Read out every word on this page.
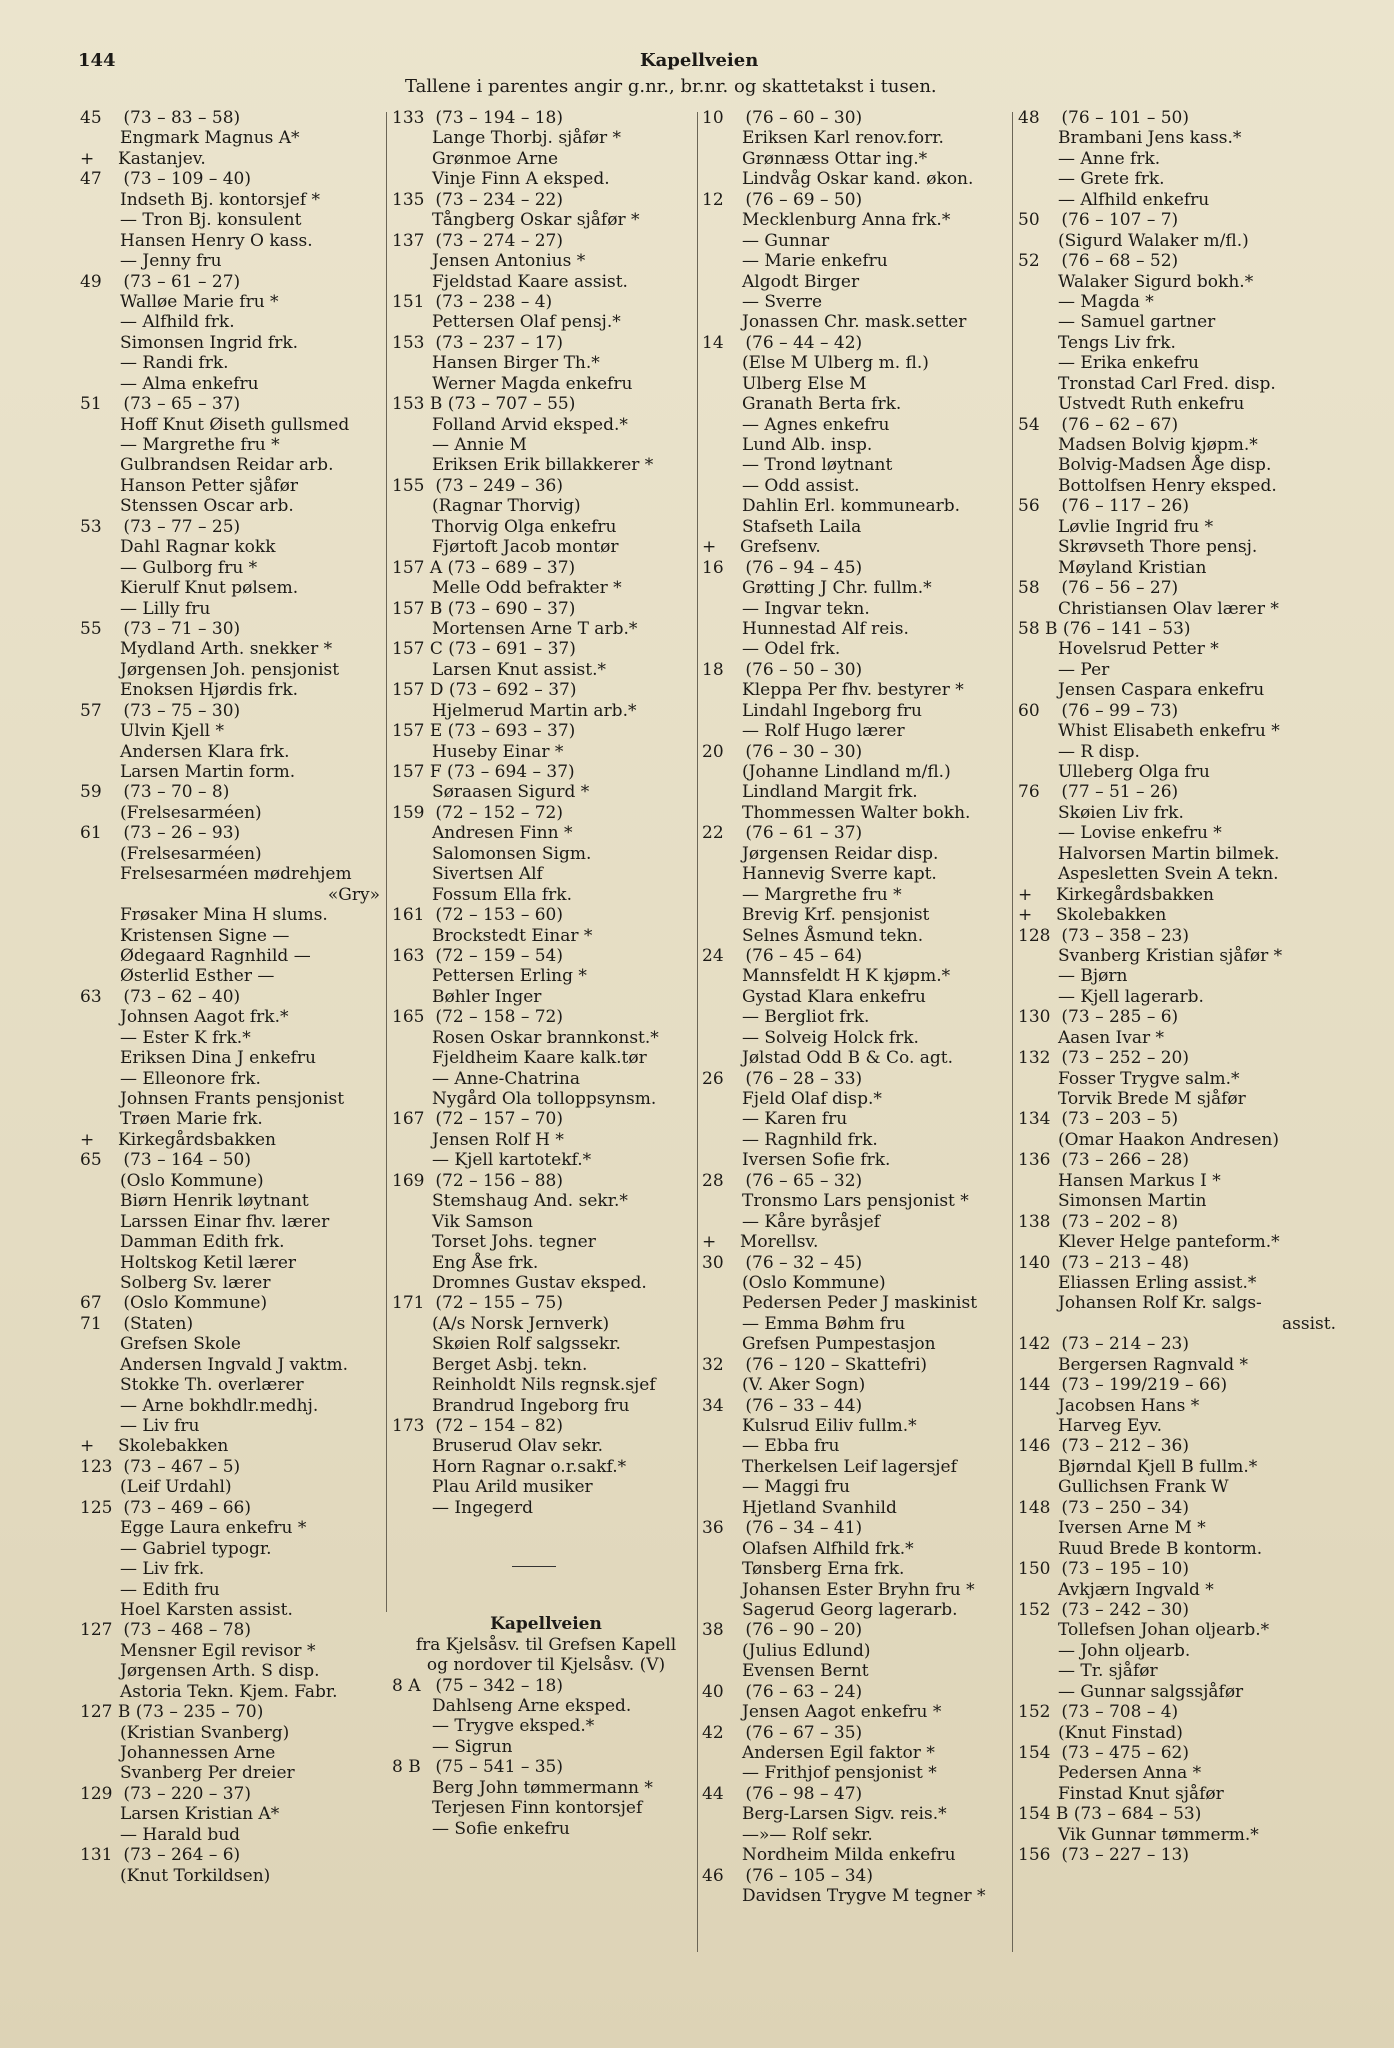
144	Kapellveien
Tallene i parentes angir g.nr., br.nr. og skattetakst i tusen.
45 (73 – 83 – 58)
Engmark Magnus A*
+ Kastanjev.
47 (73 – 109 – 40)
Indseth Bj. kontorsjef *
— Tron Bj. konsulent
Hansen Henry O kass.
— Jenny fru
49 (73 – 61 – 27)
Walløe Marie fru *
— Alfhild frk.
Simonsen Ingrid frk.
— Randi frk.
— Alma enkefru
51 (73 – 65 – 37)
Hoff Knut Øiseth gullsmed
— Margrethe fru *
Gulbrandsen Reidar arb.
Hanson Petter sjåfør
Stenssen Oscar arb.
53 (73 – 77 – 25)
Dahl Ragnar kokk
— Gulborg fru *
Kierulf Knut pølsem.
— Lilly fru
55 (73 – 71 – 30)
Mydland Arth. snekker *
Jørgensen Joh. pensjonist
Enoksen Hjørdis frk.
57 (73 – 75 – 30)
Ulvin Kjell *
Andersen Klara frk.
Larsen Martin form.
59 (73 – 70 – 8)
(Frelsesarméen)
61 (73 – 26 – 93)
(Frelsesarméen)
Frelsesarméen mødrehjem
«Gry»
Frøsaker Mina H slums.
Kristensen Signe —
Ødegaard Ragnhild —
Østerlid Esther —
63 (73 – 62 – 40)
Johnsen Aagot frk.*
— Ester K frk.*
Eriksen Dina J enkefru
— Elleonore frk.
Johnsen Frants pensjonist
Trøen Marie frk.
+ Kirkegårdsbakken
65 (73 – 164 – 50)
(Oslo Kommune)
Biørn Henrik løytnant
Larssen Einar fhv. lærer
Damman Edith frk.
Holtskog Ketil lærer
Solberg Sv. lærer
67 (Oslo Kommune)
71 (Staten)
Grefsen Skole
Andersen Ingvald J vaktm.
Stokke Th. overlærer
— Arne bokhdlr.medhj.
— Liv fru
+ Skolebakken
123 (73 – 467 – 5)
(Leif Urdahl)
125 (73 – 469 – 66)
Egge Laura enkefru *
— Gabriel typogr.
— Liv frk.
— Edith fru
Hoel Karsten assist.
127 (73 – 468 – 78)
Mensner Egil revisor *
Jørgensen Arth. S disp.
Astoria Tekn. Kjem. Fabr.
127 B (73 – 235 – 70)
(Kristian Svanberg)
Johannessen Arne
Svanberg Per dreier
129 (73 – 220 – 37)
Larsen Kristian A*
— Harald bud
131 (73 – 264 – 6)
(Knut Torkildsen)
133 (73 – 194 – 18)
Lange Thorbj. sjåfør *
Grønmoe Arne
Vinje Finn A eksped.
135 (73 – 234 – 22)
Tångberg Oskar sjåfør *
137 (73 – 274 – 27)
Jensen Antonius *
Fjeldstad Kaare assist.
151 (73 – 238 – 4)
Pettersen Olaf pensj.*
153 (73 – 237 – 17)
Hansen Birger Th.*
Werner Magda enkefru
153 B (73 – 707 – 55)
Folland Arvid eksped.*
— Annie M
Eriksen Erik billakkerer *
155 (73 – 249 – 36)
(Ragnar Thorvig)
Thorvig Olga enkefru
Fjørtoft Jacob montør
157 A (73 – 689 – 37)
Melle Odd befrakter *
157 B (73 – 690 – 37)
Mortensen Arne T arb.*
157 C (73 – 691 – 37)
Larsen Knut assist.*
157 D (73 – 692 – 37)
Hjelmerud Martin arb.*
157 E (73 – 693 – 37)
Huseby Einar *
157 F (73 – 694 – 37)
Søraasen Sigurd *
159 (72 – 152 – 72)
Andresen Finn *
Salomonsen Sigm.
Sivertsen Alf
Fossum Ella frk.
161 (72 – 153 – 60)
Brockstedt Einar *
163 (72 – 159 – 54)
Pettersen Erling *
Bøhler Inger
165 (72 – 158 – 72)
Rosen Oskar brannkonst.*
Fjeldheim Kaare kalk.tør
— Anne-Chatrina
Nygård Ola tolloppsynsm.
167 (72 – 157 – 70)
Jensen Rolf H *
— Kjell kartotekf.*
169 (72 – 156 – 88)
Stemshaug And. sekr.*
Vik Samson
Torset Johs. tegner
Eng Åse frk.
Dromnes Gustav eksped.
171 (72 – 155 – 75)
(A/s Norsk Jernverk)
Skøien Rolf salgssekr.
Berget Asbj. tekn.
Reinholdt Nils regnsk.sjef
Brandrud Ingeborg fru
173 (72 – 154 – 82)
Bruserud Olav sekr.
Horn Ragnar o.r.sakf.*
Plau Arild musiker
— Ingegerd
Kapellveien
fra Kjelsåsv. til Grefsen Kapell
og nordover til Kjelsåsv. (V)
8 A (75 – 342 – 18)
Dahlseng Arne eksped.
— Trygve eksped.*
— Sigrun
8 B (75 – 541 – 35)
Berg John tømmermann *
Terjesen Finn kontorsjef
— Sofie enkefru
10 (76 – 60 – 30)
Eriksen Karl renov.forr.
Grønnæss Ottar ing.*
Lindvåg Oskar kand. økon.
12 (76 – 69 – 50)
Mecklenburg Anna frk.*
— Gunnar
— Marie enkefru
Algodt Birger
— Sverre
Jonassen Chr. mask.setter
14 (76 – 44 – 42)
(Else M Ulberg m. fl.)
Ulberg Else M
Granath Berta frk.
— Agnes enkefru
Lund Alb. insp.
— Trond løytnant
— Odd assist.
Dahlin Erl. kommunearb.
Stafseth Laila
+ Grefsenv.
16 (76 – 94 – 45)
Grøtting J Chr. fullm.*
— Ingvar tekn.
Hunnestad Alf reis.
— Odel frk.
18 (76 – 50 – 30)
Kleppa Per fhv. bestyrer *
Lindahl Ingeborg fru
— Rolf Hugo lærer
20 (76 – 30 – 30)
(Johanne Lindland m/fl.)
Lindland Margit frk.
Thommessen Walter bokh.
22 (76 – 61 – 37)
Jørgensen Reidar disp.
Hannevig Sverre kapt.
— Margrethe fru *
Brevig Krf. pensjonist
Selnes Åsmund tekn.
24 (76 – 45 – 64)
Mannsfeldt H K kjøpm.*
Gystad Klara enkefru
— Bergliot frk.
— Solveig Holck frk.
Jølstad Odd B & Co. agt.
26 (76 – 28 – 33)
Fjeld Olaf disp.*
— Karen fru
— Ragnhild frk.
Iversen Sofie frk.
28 (76 – 65 – 32)
Tronsmo Lars pensjonist *
— Kåre byråsjef
+ Morellsv.
30 (76 – 32 – 45)
(Oslo Kommune)
Pedersen Peder J maskinist
— Emma Bøhm fru
Grefsen Pumpestasjon
32 (76 – 120 – Skattefri)
(V. Aker Sogn)
34 (76 – 33 – 44)
Kulsrud Eiliv fullm.*
— Ebba fru
Therkelsen Leif lagersjef
— Maggi fru
Hjetland Svanhild
36 (76 – 34 – 41)
Olafsen Alfhild frk.*
Tønsberg Erna frk.
Johansen Ester Bryhn fru *
Sagerud Georg lagerarb.
38 (76 – 90 – 20)
(Julius Edlund)
Evensen Bernt
40 (76 – 63 – 24)
Jensen Aagot enkefru *
42 (76 – 67 – 35)
Andersen Egil faktor *
— Frithjof pensjonist *
44 (76 – 98 – 47)
Berg-Larsen Sigv. reis.*
—»— Rolf sekr.
Nordheim Milda enkefru
46 (76 – 105 – 34)
Davidsen Trygve M tegner *
48 (76 – 101 – 50)
Brambani Jens kass.*
— Anne frk.
— Grete frk.
— Alfhild enkefru
50 (76 – 107 – 7)
(Sigurd Walaker m/fl.)
52 (76 – 68 – 52)
Walaker Sigurd bokh.*
— Magda *
— Samuel gartner
Tengs Liv frk.
— Erika enkefru
Tronstad Carl Fred. disp.
Ustvedt Ruth enkefru
54 (76 – 62 – 67)
Madsen Bolvig kjøpm.*
Bolvig-Madsen Åge disp.
Bottolfsen Henry eksped.
56 (76 – 117 – 26)
Løvlie Ingrid fru *
Skrøvseth Thore pensj.
Møyland Kristian
58 (76 – 56 – 27)
Christiansen Olav lærer *
58 B (76 – 141 – 53)
Hovelsrud Petter *
— Per
Jensen Caspara enkefru
60 (76 – 99 – 73)
Whist Elisabeth enkefru *
— R disp.
Ulleberg Olga fru
76 (77 – 51 – 26)
Skøien Liv frk.
— Lovise enkefru *
Halvorsen Martin bilmek.
Aspesletten Svein A tekn.
+ Kirkegårdsbakken
+ Skolebakken
128 (73 – 358 – 23)
Svanberg Kristian sjåfør *
— Bjørn
— Kjell lagerarb.
130 (73 – 285 – 6)
Aasen Ivar *
132 (73 – 252 – 20)
Fosser Trygve salm.*
Torvik Brede M sjåfør
134 (73 – 203 – 5)
(Omar Haakon Andresen)
136 (73 – 266 – 28)
Hansen Markus I *
Simonsen Martin
138 (73 – 202 – 8)
Klever Helge panteform.*
140 (73 – 213 – 48)
Eliassen Erling assist.*
Johansen Rolf Kr. salgs-
assist.
142 (73 – 214 – 23)
Bergersen Ragnvald *
144 (73 – 199/219 – 66)
Jacobsen Hans *
Harveg Eyv.
146 (73 – 212 – 36)
Bjørndal Kjell B fullm.*
Gullichsen Frank W
148 (73 – 250 – 34)
Iversen Arne M *
Ruud Brede B kontorm.
150 (73 – 195 – 10)
Avkjærn Ingvald *
152 (73 – 242 – 30)
Tollefsen Johan oljearb.*
— John oljearb.
— Tr. sjåfør
— Gunnar salgssjåfør
152 (73 – 708 – 4)
(Knut Finstad)
154 (73 – 475 – 62)
Pedersen Anna *
Finstad Knut sjåfør
154 B (73 – 684 – 53)
Vik Gunnar tømmerm.*
156 (73 – 227 – 13)
